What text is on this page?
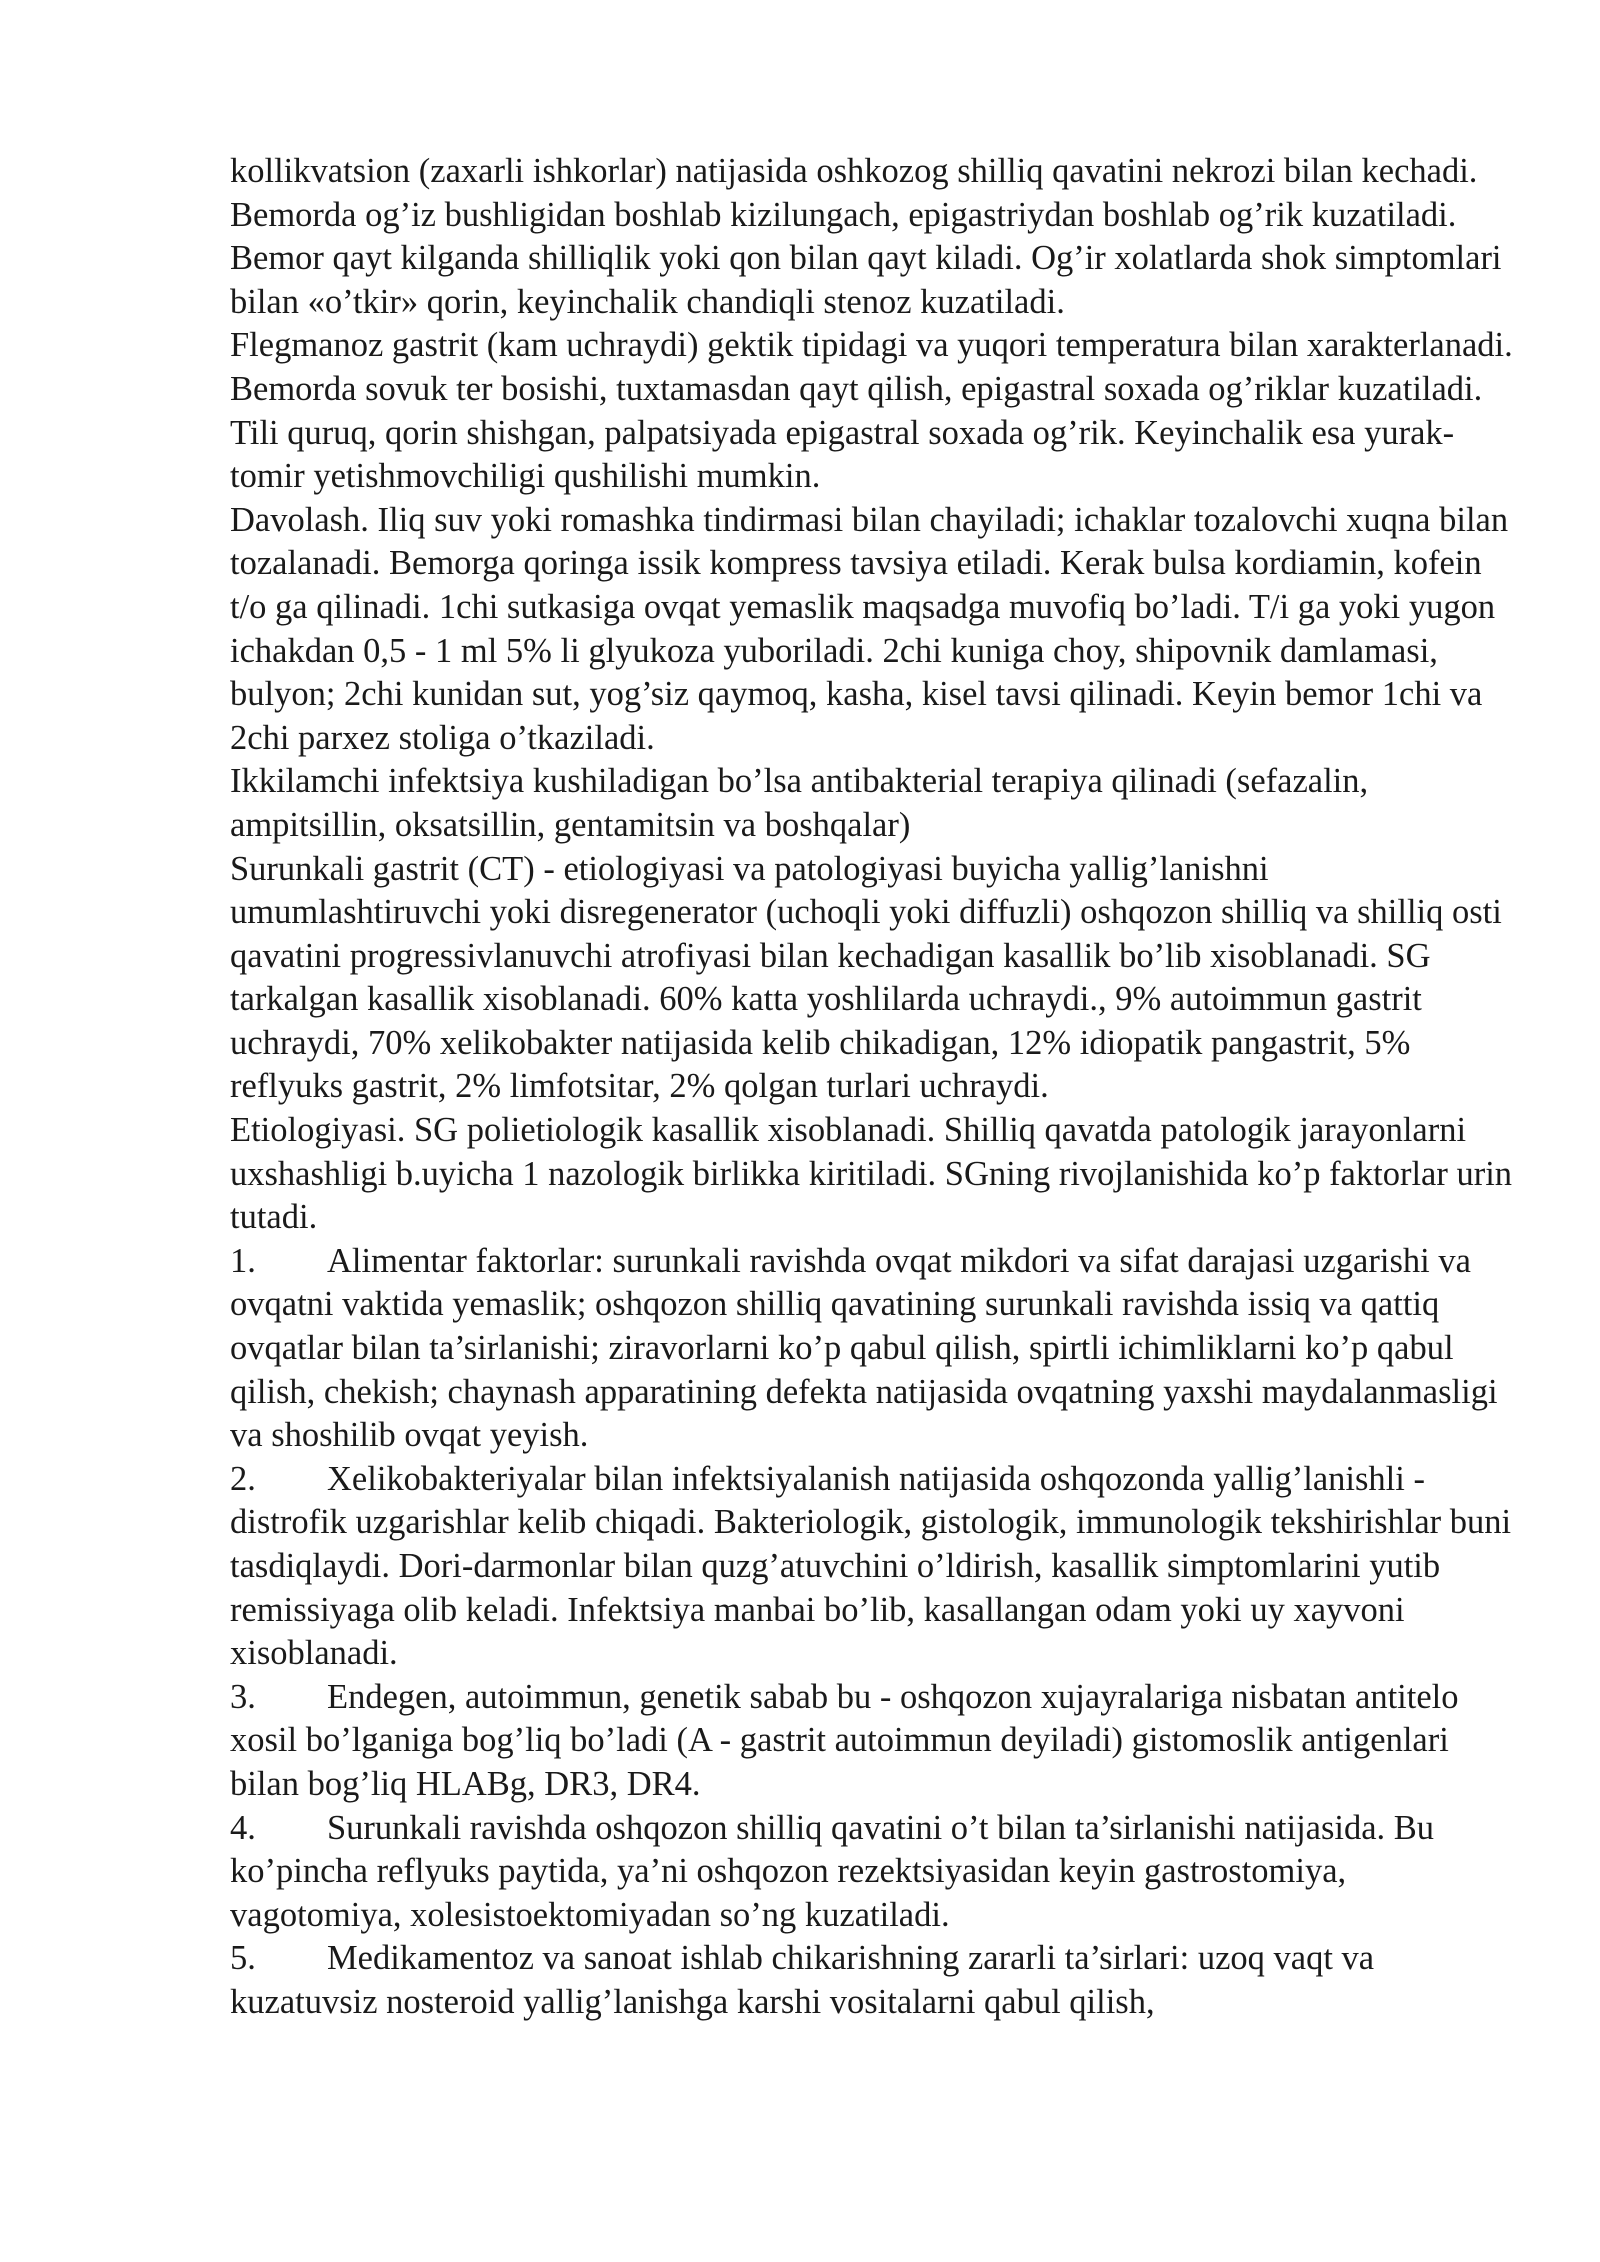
kollikvatsion (zaxarli ishkorlar) natijasida oshkozog shilliq qavatini nekrozi bilan kechadi. Bemorda og’iz bushligidan boshlab kizilungach, epigastriydan boshlab og’rik kuzatiladi. Bemor qayt kilganda shilliqlik yoki qon bilan qayt kiladi. Og’ir xolatlarda shok simptomlari bilan «o’tkir» qorin, keyinchalik chandiqli stenoz kuzatiladi.

Flegmanoz gastrit (kam uchraydi) gektik tipidagi va yuqori temperatura bilan xarakterlanadi. Bemorda sovuk ter bosishi, tuxtamasdan qayt qilish, epigastral soxada og’riklar kuzatiladi. Tili quruq, qorin shishgan, palpatsiyada epigastral soxada og’rik. Keyinchalik esa yurak-tomir yetishmovchiligi qushilishi mumkin.

Davolash. Iliq suv yoki romashka tindirmasi bilan chayiladi; ichaklar tozalovchi xuqna bilan tozalanadi. Bemorga qoringa issik kompress tavsiya etiladi. Kerak bulsa kordiamin, kofein t/o ga qilinadi. 1chi sutkasiga ovqat yemaslik maqsadga muvofiq bo’ladi. T/i ga yoki yugon ichakdan 0,5 - 1 ml 5% li glyukoza yuboriladi. 2chi kuniga choy, shipovnik damlamasi, bulyon; 2chi kunidan sut, yog’siz qaymoq, kasha, kisel tavsi qilinadi. Keyin bemor 1chi va 2chi parxez stoliga o’tkaziladi.

Ikkilamchi infektsiya kushiladigan bo’lsa antibakterial terapiya qilinadi (sefazalin, ampitsillin, oksatsillin, gentamitsin va boshqalar)

Surunkali gastrit (CT) - etiologiyasi va patologiyasi buyicha yallig’lanishni umumlashtiruvchi yoki disregenerator (uchoqli yoki diffuzli) oshqozon shilliq va shilliq osti qavatini progressivlanuvchi atrofiyasi bilan kechadigan kasallik bo’lib xisoblanadi. SG tarkalgan kasallik xisoblanadi. 60% katta yoshlilarda uchraydi., 9% autoimmun gastrit uchraydi, 70% xelikobakter natijasida kelib chikadigan, 12% idiopatik pangastrit, 5% reflyuks gastrit, 2% limfotsitar, 2% qolgan turlari uchraydi.

Etiologiyasi. SG polietiologik kasallik xisoblanadi. Shilliq qavatda patologik jarayonlarni uxshashligi b.uyicha 1 nazologik birlikka kiritiladi. SGning rivojlanishida ko’p faktorlar urin tutadi.

1. Alimentar faktorlar: surunkali ravishda ovqat mikdori va sifat darajasi uzgarishi va ovqatni vaktida yemaslik; oshqozon shilliq qavatining surunkali ravishda issiq va qattiq ovqatlar bilan ta’sirlanishi; ziravorlarni ko’p qabul qilish, spirtli ichimliklarni ko’p qabul qilish, chekish; chaynash apparatining defekta natijasida ovqatning yaxshi maydalanmasligi va shoshilib ovqat yeyish.
2. Xelikobakteriyalar bilan infektsiyalanish natijasida oshqozonda yallig’lanishli - distrofik uzgarishlar kelib chiqadi. Bakteriologik, gistologik, immunologik tekshirishlar buni tasdiqlaydi. Dori-darmonlar bilan quzg’atuvchini o’ldirish, kasallik simptomlarini yutib remissiyaga olib keladi. Infektsiya manbai bo’lib, kasallangan odam yoki uy xayvoni xisoblanadi.
3. Endegen, autoimmun, genetik sabab bu - oshqozon xujayralariga nisbatan antitelo xosil bo’lganiga bog’liq bo’ladi (A - gastrit autoimmun deyiladi) gistomoslik antigenlari bilan bog’liq HLABg, DR3, DR4.
4. Surunkali ravishda oshqozon shilliq qavatini o’t bilan ta’sirlanishi natijasida. Bu ko’pincha reflyuks paytida, ya’ni oshqozon rezektsiyasidan keyin gastrostomiya, vagotomiya, xolesistoektomiyadan so’ng kuzatiladi.
5. Medikamentoz va sanoat ishlab chikarishning zararli ta’sirlari: uzoq vaqt va kuzatuvsiz nosteroid yallig’lanishga karshi vositalarni qabul qilish,
